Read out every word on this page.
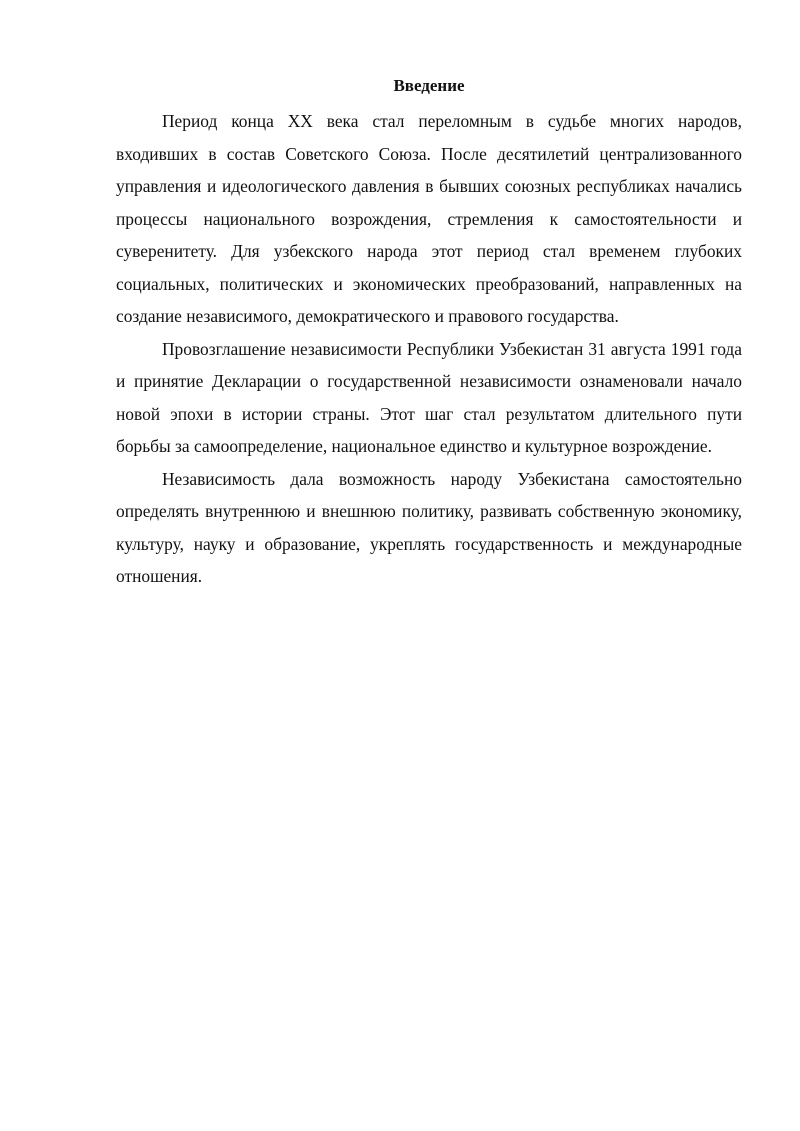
Введение

Период конца XX века стал переломным в судьбе многих народов, входивших в состав Советского Союза. После десятилетий централизованного управления и идеологического давления в бывших союзных республиках начались процессы национального возрождения, стремления к самостоятельности и суверенитету. Для узбекского народа этот период стал временем глубоких социальных, политических и экономических преобразований, направленных на создание независимого, демократического и правового государства.

Провозглашение независимости Республики Узбекистан 31 августа 1991 года и принятие Декларации о государственной независимости ознаменовали начало новой эпохи в истории страны. Этот шаг стал результатом длительного пути борьбы за самоопределение, национальное единство и культурное возрождение.

Независимость дала возможность народу Узбекистана самостоятельно определять внутреннюю и внешнюю политику, развивать собственную экономику, культуру, науку и образование, укреплять государственность и международные отношения.
